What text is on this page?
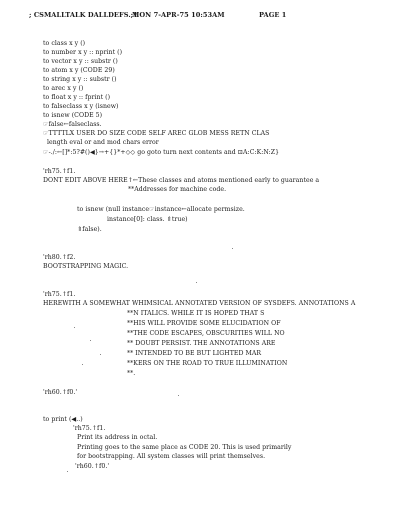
; CSMALLTALK DALLDEFS.;1
MON 7-APR-75 10:53AM	PAGE 1
to class x y ()
to number x y :: nprint ()
to vector x y :: substr ()
to atom x y (CODE 29)
to string x y :: substr ()
to arec x y ()
to float x y :: fprint ()
to falseclass x y (isnew)
to isnew (CODE 5)
☞false←falseclass.
☞TTTTLX USER DO SIZE CODE SELF AREC GLOB MESS RETN CLAS
length eval or and mod chars error
☞-./:←[]*:5?#()◀}→+{}*+◇◇ go goto turn next contents and ⊡A:C:K:N:Z}
'rh75.↑f1.
DONT EDIT ABOVE HERE↑←These classes and atoms mentioned early to guarantee a
**Addresses for machine code.
to isnew (null instance☞instance←allocate permsize.
instance[0]: class. ⇑true)
⇑false).
'rh80.↑f2.
BOOTSTRAPPING MAGIC.
'rh75.↑f1.
HEREWITH A SOMEWHAT WHIMSICAL ANNOTATED VERSION OF SYSDEFS. ANNOTATIONS A
**N ITALICS. WHILE IT IS HOPED THAT S
**HIS WILL PROVIDE SOME ELUCIDATION OF
**THE CODE ESCAPES, OBSCURITIES WILL NO
** DOUBT PERSIST. THE ANNOTATIONS ARE
** INTENDED TO BE BUT LIGHTED MAR
**KERS ON THE ROAD TO TRUE ILLUMINATION
**.
'rh60.↑f0.'
to print (◀..)
'rh75.↑f1.
Print its address in octal.
Printing goes to the same place as CODE 20. This is used primarily
for bootstrapping. All system classes will print themselves.
'rh60.↑f0.'
